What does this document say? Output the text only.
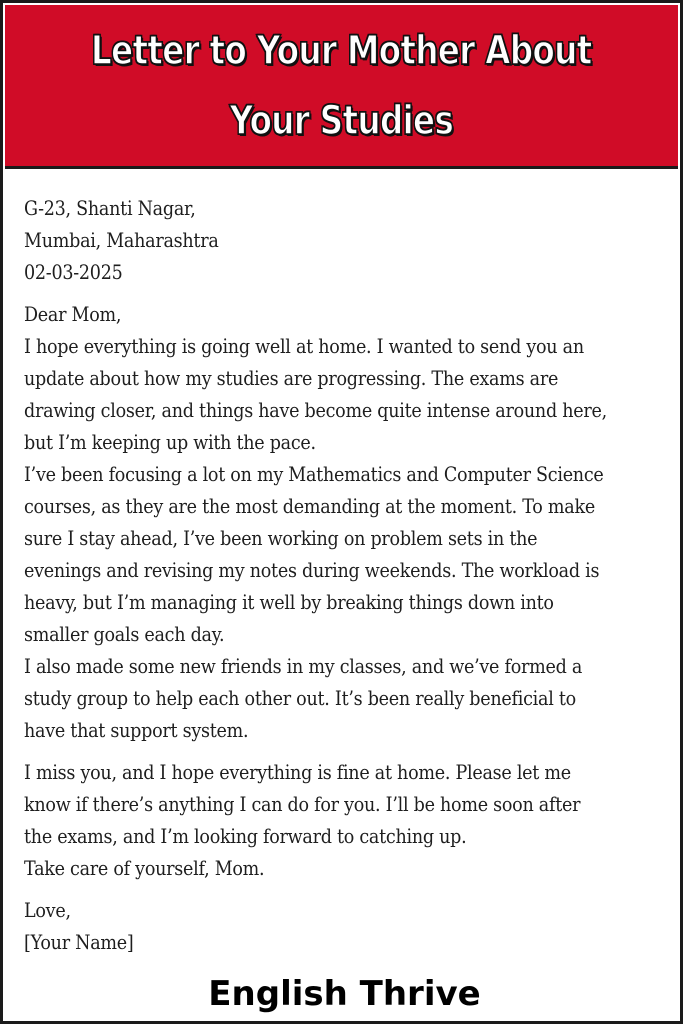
Letter to Your Mother About
Your Studies
G-23, Shanti Nagar,
Mumbai, Maharashtra
02-03-2025
Dear Mom,
I hope everything is going well at home. I wanted to send you an
update about how my studies are progressing. The exams are
drawing closer, and things have become quite intense around here,
but I’m keeping up with the pace.
I’ve been focusing a lot on my Mathematics and Computer Science
courses, as they are the most demanding at the moment. To make
sure I stay ahead, I’ve been working on problem sets in the
evenings and revising my notes during weekends. The workload is
heavy, but I’m managing it well by breaking things down into
smaller goals each day.
I also made some new friends in my classes, and we’ve formed a
study group to help each other out. It’s been really beneficial to
have that support system.
I miss you, and I hope everything is fine at home. Please let me
know if there’s anything I can do for you. I’ll be home soon after
the exams, and I’m looking forward to catching up.
Take care of yourself, Mom.
Love,
[Your Name]
English Thrive
